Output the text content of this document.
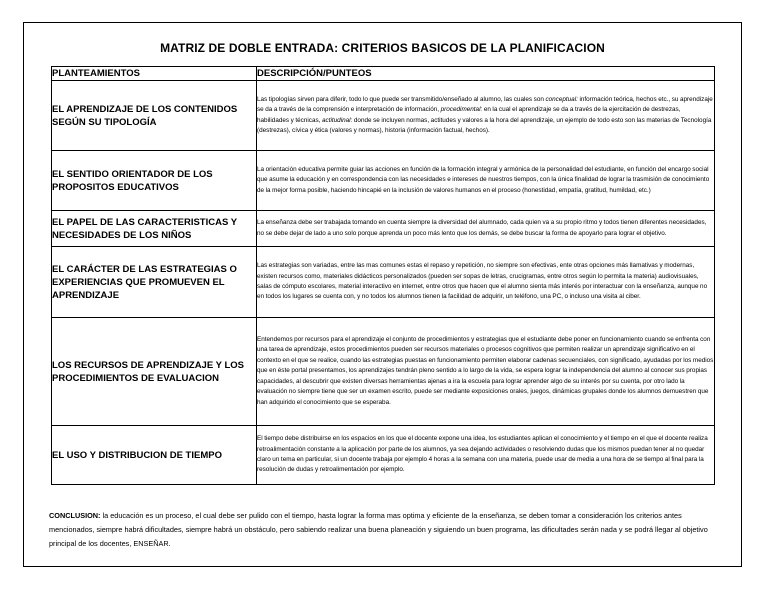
MATRIZ DE DOBLE ENTRADA: CRITERIOS BASICOS DE LA PLANIFICACION
PLANTEAMIENTOS	DESCRIPCIÓN/PUNTEOS
EL APRENDIZAJE DE LOS CONTENIDOS SEGÚN SU TIPOLOGÍA	Las tipologías sirven para diferir, todo lo que puede ser transmitido/enseñado al alumno, las cuales son conceptual: información teórica, hechos etc., su aprendizaje se da a través de la comprensión e interpretación de información, procedimental: en la cual el aprendizaje se da a través de la ejercitación de destrezas, habilidades y técnicas, actitudinal: donde se incluyen normas, actitudes y valores a la hora del aprendizaje, un ejemplo de todo esto son las materias de Tecnología (destrezas), cívica y ética (valores y normas), historia (información factual, hechos).
EL SENTIDO ORIENTADOR DE LOS PROPOSITOS EDUCATIVOS	La orientación educativa permite guiar las acciones en función de la formación integral y armónica de la personalidad del estudiante, en función del encargo social que asume la educación y en correspondencia con las necesidades e intereses de nuestros tiempos, con la única finalidad de lograr la trasmisión de conocimiento de la mejor forma posible, haciendo hincapié en la inclusión de valores humanos en el proceso (honestidad, empatía, gratitud, humildad, etc.)
EL PAPEL DE LAS CARACTERISTICAS Y NECESIDADES DE LOS NIÑOS	La enseñanza debe ser trabajada tomando en cuenta siempre la diversidad del alumnado, cada quien va a su propio ritmo y todos tienen diferentes necesidades, no se debe dejar de lado a uno solo porque aprenda un poco más lento que los demás, se debe buscar la forma de apoyarlo para lograr el objetivo.
EL CARÁCTER DE LAS ESTRATEGIAS O EXPERIENCIAS QUE PROMUEVEN EL APRENDIZAJE	Las estrategias son variadas, entre las mas comunes estas el repaso y repetición, no siempre son efectivas, ente otras opciones más llamativas y modernas, existen recursos como, materiales didácticos personalizados (pueden ser sopas de letras, crucigramas, entre otros según lo permita la materia) audiovisuales, salas de cómputo escolares, material interactivo en internet, entre otros que hacen que el alumno sienta más interés por interactuar con la enseñanza, aunque no en todos los lugares se cuenta con, y no todos los alumnos tienen la facilidad de adquirir, un teléfono, una PC, o incluso una visita al ciber.
LOS RECURSOS DE APRENDIZAJE Y LOS PROCEDIMIENTOS DE EVALUACION	Entendemos por recursos para el aprendizaje el conjunto de procedimientos y estrategias que el estudiante debe poner en funcionamiento cuando se enfrenta con una tarea de aprendizaje, estos procedimientos pueden ser recursos materiales o procesos cognitivos que permiten realizar un aprendizaje significativo en el contexto en el que se realice, cuando las estrategias puestas en funcionamiento permiten elaborar cadenas secuenciales, con significado, ayudadas por los medios que en éste portal presentamos, los aprendizajes tendrán pleno sentido a lo largo de la vida, se espera lograr la independencia del alumno al conocer sus propias capacidades, al descubrir que existen diversas herramientas ajenas a ira la escuela para lograr aprender algo de su interés por su cuenta, por otro lado la evaluación no siempre tiene que ser un examen escrito, puede ser mediante exposiciones orales, juegos, dinámicas grupales donde los alumnos demuestren que han adquirido el conocimiento que se esperaba.
EL USO Y DISTRIBUCION DE TIEMPO	El tiempo debe distribuirse en los espacios en los que el docente expone una idea, los estudiantes aplican el conocimiento y el tiempo en el que el docente realiza retroalimentación constante a la aplicación por parte de los alumnos, ya sea dejando actividades o resolviendo dudas que los mismos puedan tener al no quedar claro un tema en particular, si un docente trabaja por ejemplo 4 horas a la semana con una materia, puede usar de media a una hora de se tiempo al final para la resolución de dudas y retroalimentación por ejemplo.
CONCLUSION: la educación es un proceso, el cual debe ser pulido con el tiempo, hasta lograr la forma mas optima y eficiente de la enseñanza, se deben tomar a consideración los criterios antes mencionados, siempre habrá dificultades, siempre habrá un obstáculo, pero sabiendo realizar una buena planeación y siguiendo un buen programa, las dificultades serán nada y se podrá llegar al objetivo principal de los docentes, ENSEÑAR.
